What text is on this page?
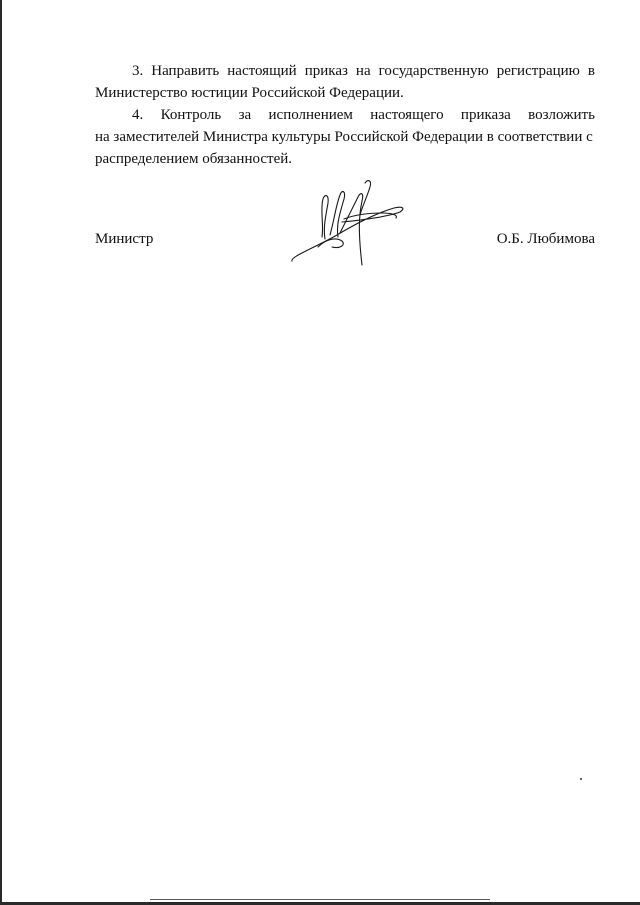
3. Направить настоящий приказ на государственную регистрацию в
Министерство юстиции Российской Федерации.
4. Контроль за исполнением настоящего приказа возложить
на заместителей Министра культуры Российской Федерации в соответствии с
распределением обязанностей.
Министр	О.Б. Любимова
